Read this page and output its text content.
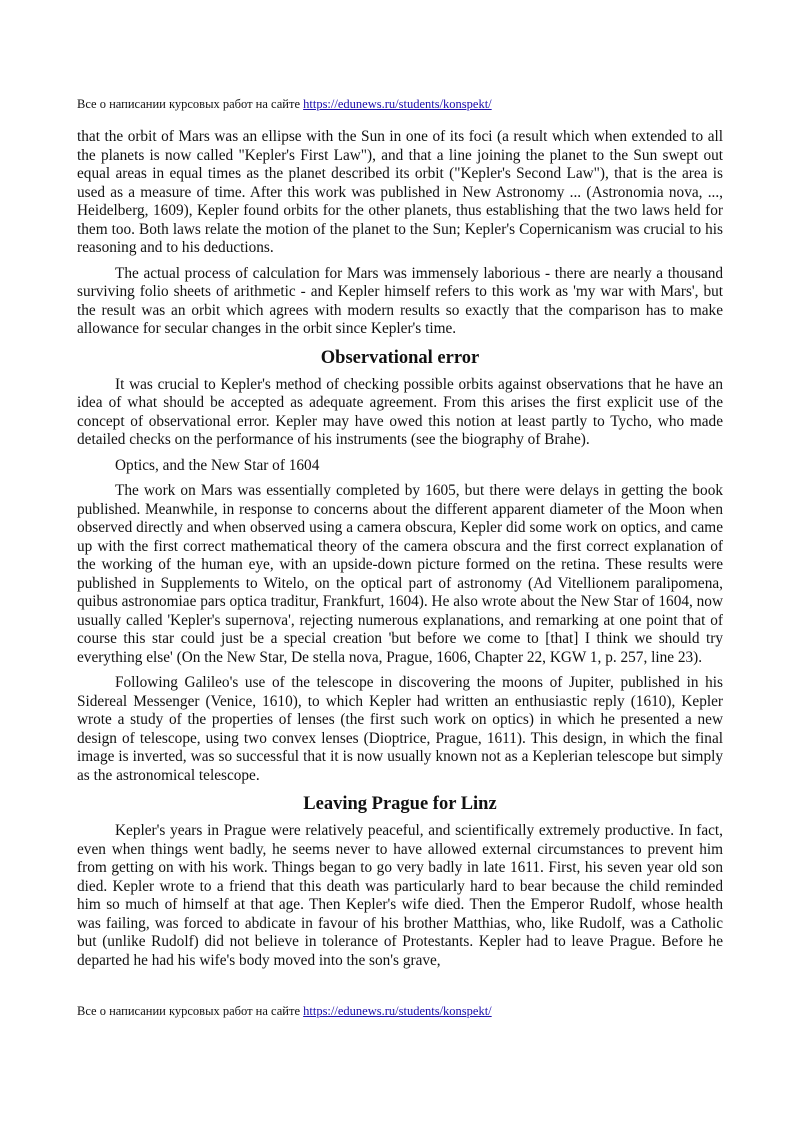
Все о написании курсовых работ на сайте https://edunews.ru/students/konspekt/

that the orbit of Mars was an ellipse with the Sun in one of its foci (a result which when extended to all the planets is now called "Kepler's First Law"), and that a line joining the planet to the Sun swept out equal areas in equal times as the planet described its orbit ("Kepler's Second Law"), that is the area is used as a measure of time. After this work was published in New Astronomy ... (Astronomia nova, ..., Heidelberg, 1609), Kepler found orbits for the other planets, thus establishing that the two laws held for them too. Both laws relate the motion of the planet to the Sun; Kepler's Copernicanism was crucial to his reasoning and to his deductions.

The actual process of calculation for Mars was immensely laborious - there are nearly a thousand surviving folio sheets of arithmetic - and Kepler himself refers to this work as 'my war with Mars', but the result was an orbit which agrees with modern results so exactly that the comparison has to make allowance for secular changes in the orbit since Kepler's time.

Observational error

It was crucial to Kepler's method of checking possible orbits against observations that he have an idea of what should be accepted as adequate agreement. From this arises the first explicit use of the concept of observational error. Kepler may have owed this notion at least partly to Tycho, who made detailed checks on the performance of his instruments (see the biography of Brahe).

Optics, and the New Star of 1604

The work on Mars was essentially completed by 1605, but there were delays in getting the book published. Meanwhile, in response to concerns about the different apparent diameter of the Moon when observed directly and when observed using a camera obscura, Kepler did some work on optics, and came up with the first correct mathematical theory of the camera obscura and the first correct explanation of the working of the human eye, with an upside-down picture formed on the retina. These results were published in Supplements to Witelo, on the optical part of astronomy (Ad Vitellionem paralipomena, quibus astronomiae pars optica traditur, Frankfurt, 1604). He also wrote about the New Star of 1604, now usually called 'Kepler's supernova', rejecting numerous explanations, and remarking at one point that of course this star could just be a special creation 'but before we come to [that] I think we should try everything else' (On the New Star, De stella nova, Prague, 1606, Chapter 22, KGW 1, p. 257, line 23).

Following Galileo's use of the telescope in discovering the moons of Jupiter, published in his Sidereal Messenger (Venice, 1610), to which Kepler had written an enthusiastic reply (1610), Kepler wrote a study of the properties of lenses (the first such work on optics) in which he presented a new design of telescope, using two convex lenses (Dioptrice, Prague, 1611). This design, in which the final image is inverted, was so successful that it is now usually known not as a Keplerian telescope but simply as the astronomical telescope.

Leaving Prague for Linz

Kepler's years in Prague were relatively peaceful, and scientifically extremely productive. In fact, even when things went badly, he seems never to have allowed external circumstances to prevent him from getting on with his work. Things began to go very badly in late 1611. First, his seven year old son died. Kepler wrote to a friend that this death was particularly hard to bear because the child reminded him so much of himself at that age. Then Kepler's wife died. Then the Emperor Rudolf, whose health was failing, was forced to abdicate in favour of his brother Matthias, who, like Rudolf, was a Catholic but (unlike Rudolf) did not believe in tolerance of Protestants. Kepler had to leave Prague. Before he departed he had his wife's body moved into the son's grave,

Все о написании курсовых работ на сайте https://edunews.ru/students/konspekt/
